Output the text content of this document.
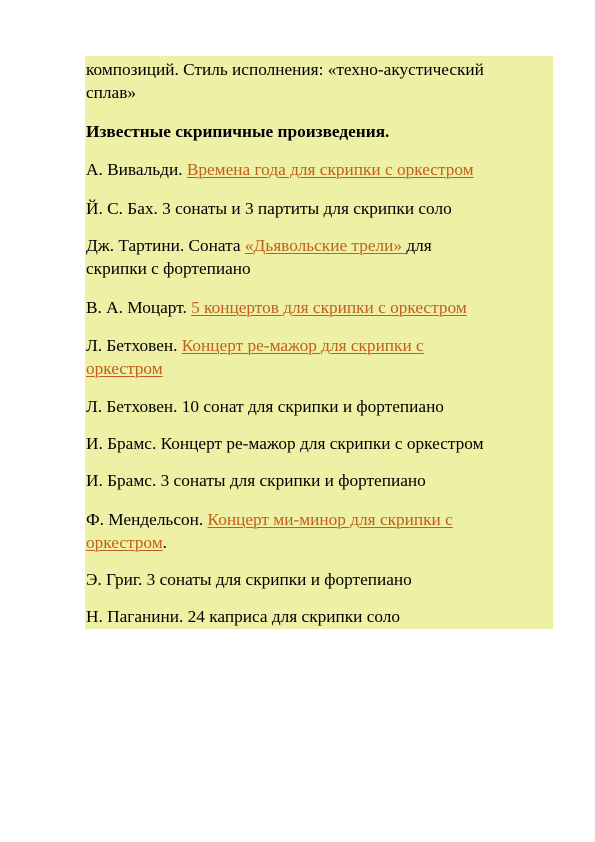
композиций. Стиль исполнения: «техно-акустический
сплав»
Известные скрипичные произведения.
А. Вивальди. Времена года для скрипки с оркестром
Й. С. Бах. 3 сонаты и 3 партиты для скрипки соло
Дж. Тартини. Соната «Дьявольские трели» для
скрипки с фортепиано
В. А. Моцарт. 5 концертов для скрипки с оркестром
Л. Бетховен. Концерт ре-мажор для скрипки с
оркестром
Л. Бетховен. 10 сонат для скрипки и фортепиано
И. Брамс. Концерт ре-мажор для скрипки с оркестром
И. Брамс. 3 сонаты для скрипки и фортепиано
Ф. Мендельсон. Концерт ми-минор для скрипки с
оркестром.
Э. Григ. 3 сонаты для скрипки и фортепиано
Н. Паганини. 24 каприса для скрипки соло
